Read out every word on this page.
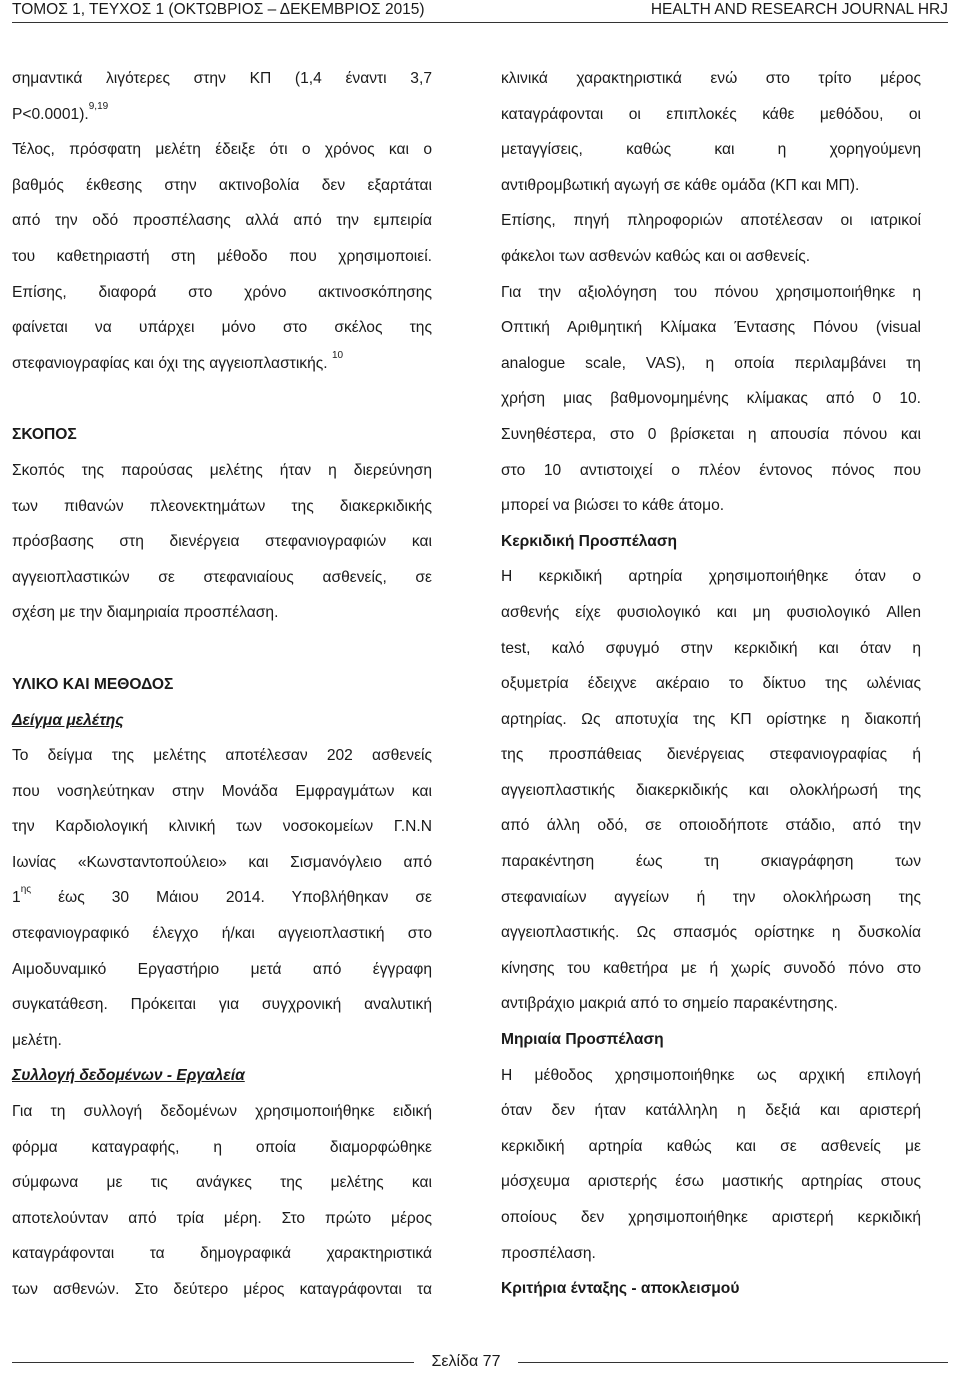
ΤΟΜΟΣ 1, ΤΕΥΧΟΣ 1 (ΟΚΤΩΒΡΙΟΣ – ΔΕΚΕΜΒΡΙΟΣ 2015)	HEALTH AND RESEARCH JOURNAL HRJ

σημαντικά λιγότερες στην ΚΠ (1,4 έναντι 3,7

P<0.0001).$^{9,19}$

Τέλος, πρόσφατη μελέτη έδειξε ότι ο χρόνος και ο

βαθμός έκθεσης στην ακτινοβολία δεν εξαρτάται

από την οδό προσπέλασης αλλά από την εμπειρία

του καθετηριαστή στη μέθοδο που χρησιμοποιεί.

Επίσης, διαφορά στο χρόνο ακτινοσκόπησης

φαίνεται να υπάρχει μόνο στο σκέλος της

στεφανιογραφίας και όχι της αγγειοπλαστικής. $^{10}$

ΣΚΟΠΟΣ

Σκοπός της παρούσας μελέτης ήταν η διερεύνηση

των πιθανών πλεονεκτημάτων της διακερκιδικής

πρόσβασης στη διενέργεια στεφανιογραφιών και

αγγειοπλαστικών σε στεφανιαίους ασθενείς, σε

σχέση με την διαμηριαία προσπέλαση.

ΥΛΙΚΟ ΚΑΙ ΜΕΘΟΔΟΣ

Δείγμα μελέτης

Το δείγμα της μελέτης αποτέλεσαν 202 ασθενείς

που νοσηλεύτηκαν στην Μονάδα Εμφραγμάτων και

την Καρδιολογική κλινική των νοσοκομείων Γ.Ν.Ν

Ιωνίας «Κωνσταντοπούλειο» και Σισμανόγλειο από

$1^{\eta\varsigma}$ έως 30 Μάιου 2014. Υποβλήθηκαν σε

στεφανιογραφικό έλεγχο ή/και αγγειοπλαστική στο

Αιμοδυναμικό Εργαστήριο μετά από έγγραφη

συγκατάθεση. Πρόκειται για συγχρονική αναλυτική

μελέτη.

Συλλογή δεδομένων - Εργαλεία

Για τη συλλογή δεδομένων χρησιμοποιήθηκε ειδική

φόρμα καταγραφής, η οποία διαμορφώθηκε

σύμφωνα με τις ανάγκες της μελέτης και

αποτελούνταν από τρία μέρη. Στο πρώτο μέρος

καταγράφονται τα δημογραφικά χαρακτηριστικά

των ασθενών. Στο δεύτερο μέρος καταγράφονται τα

κλινικά χαρακτηριστικά ενώ στο τρίτο μέρος

καταγράφονται οι επιπλοκές κάθε μεθόδου, οι

μεταγγίσεις, καθώς και η χορηγούμενη

αντιθρομβωτική αγωγή σε κάθε ομάδα (ΚΠ και ΜΠ).

Επίσης, πηγή πληροφοριών αποτέλεσαν οι ιατρικοί

φάκελοι των ασθενών καθώς και οι ασθενείς.

Για την αξιολόγηση του πόνου χρησιμοποιήθηκε η

Οπτική Αριθμητική Κλίμακα Έντασης Πόνου (visual

analogue scale, VAS), η οποία περιλαμβάνει τη

χρήση μιας βαθμονομημένης κλίμακας από 0 10.

Συνηθέστερα, στο 0 βρίσκεται η απουσία πόνου και

στο 10 αντιστοιχεί ο πλέον έντονος πόνος που

μπορεί να βιώσει το κάθε άτομο.

Κερκιδική Προσπέλαση

Η κερκιδική αρτηρία χρησιμοποιήθηκε όταν ο

ασθενής είχε φυσιολογικό και μη φυσιολογικό Allen

test, καλό σφυγμό στην κερκιδική και όταν η

οξυμετρία έδειχνε ακέραιο το δίκτυο της ωλένιας

αρτηρίας. Ως αποτυχία της ΚΠ ορίστηκε η διακοπή

της προσπάθειας διενέργειας στεφανιογραφίας ή

αγγειοπλαστικής διακερκιδικής και ολοκλήρωσή της

από άλλη οδό, σε οποιοδήποτε στάδιο, από την

παρακέντηση έως τη σκιαγράφηση των

στεφανιαίων αγγείων ή την ολοκλήρωση της

αγγειοπλαστικής. Ως σπασμός ορίστηκε η δυσκολία

κίνησης του καθετήρα με ή χωρίς συνοδό πόνο στο

αντιβράχιο μακριά από το σημείο παρακέντησης.

Μηριαία Προσπέλαση

Η μέθοδος χρησιμοποιήθηκε ως αρχική επιλογή

όταν δεν ήταν κατάλληλη η δεξιά και αριστερή

κερκιδική αρτηρία καθώς και σε ασθενείς με

μόσχευμα αριστερής έσω μαστικής αρτηρίας στους

οποίους δεν χρησιμοποιήθηκε αριστερή κερκιδική

προσπέλαση.

Κριτήρια ένταξης - αποκλεισμού

Σελίδα 77
